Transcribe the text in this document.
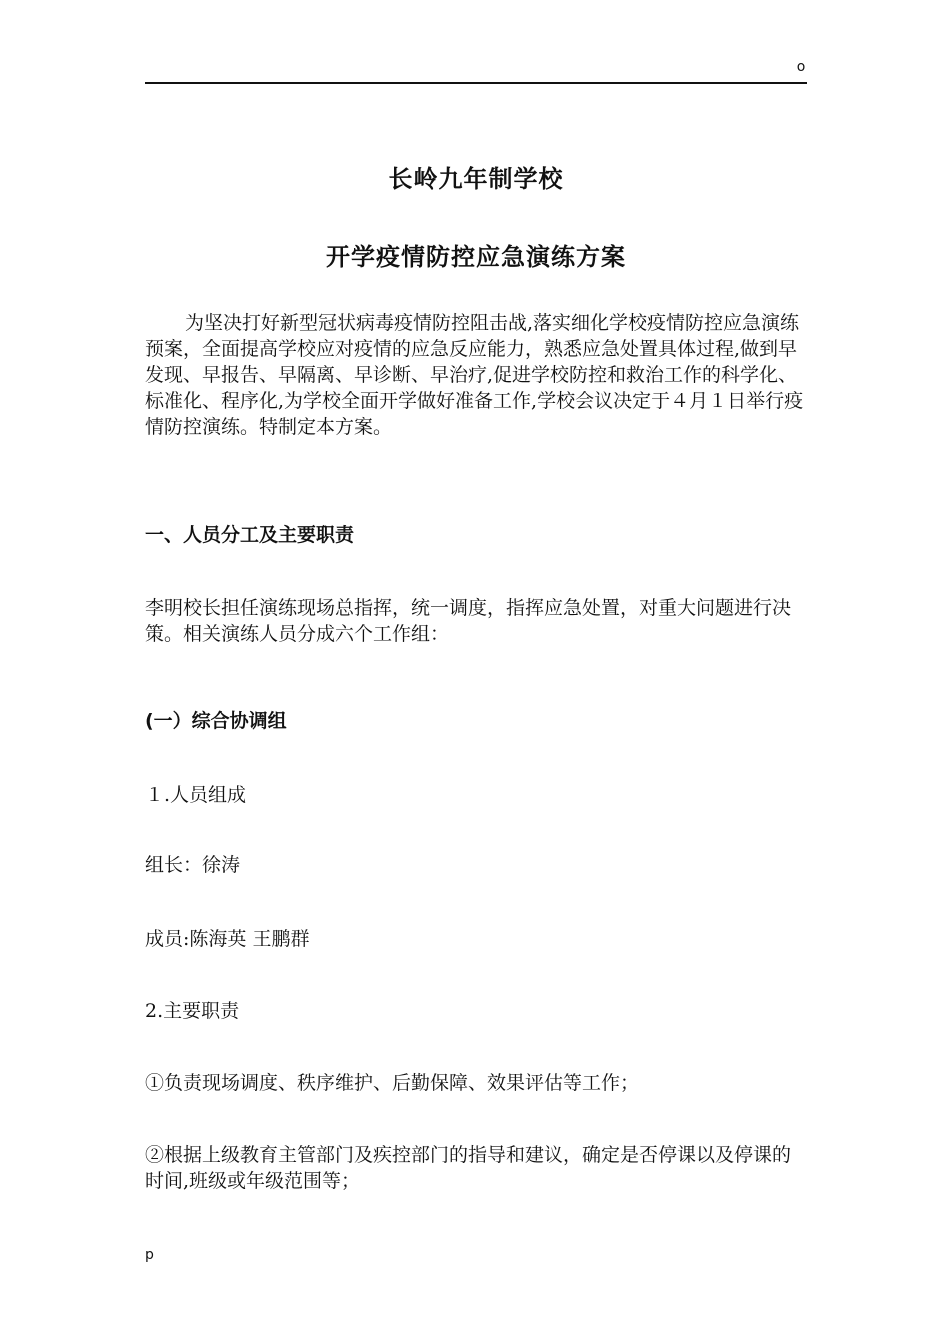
o
长岭九年制学校
开学疫情防控应急演练方案

为坚决打好新型冠状病毒疫情防控阻击战,落实细化学校疫情防控应急演练预案，全面提高学校应对疫情的应急反应能力，熟悉应急处置具体过程,做到早发现、早报告、早隔离、早诊断、早治疗,促进学校防控和救治工作的科学化、标准化、程序化,为学校全面开学做好准备工作,学校会议决定于４月１日举行疫情防控演练。特制定本方案。

一、人员分工及主要职责

李明校长担任演练现场总指挥，统一调度，指挥应急处置，对重大问题进行决策。相关演练人员分成六个工作组：

(一）综合协调组

１.人员组成

组长：徐涛

成员:陈海英 王鹏群

2.主要职责

①负责现场调度、秩序维护、后勤保障、效果评估等工作；

②根据上级教育主管部门及疾控部门的指导和建议，确定是否停课以及停课的时间,班级或年级范围等；

p
